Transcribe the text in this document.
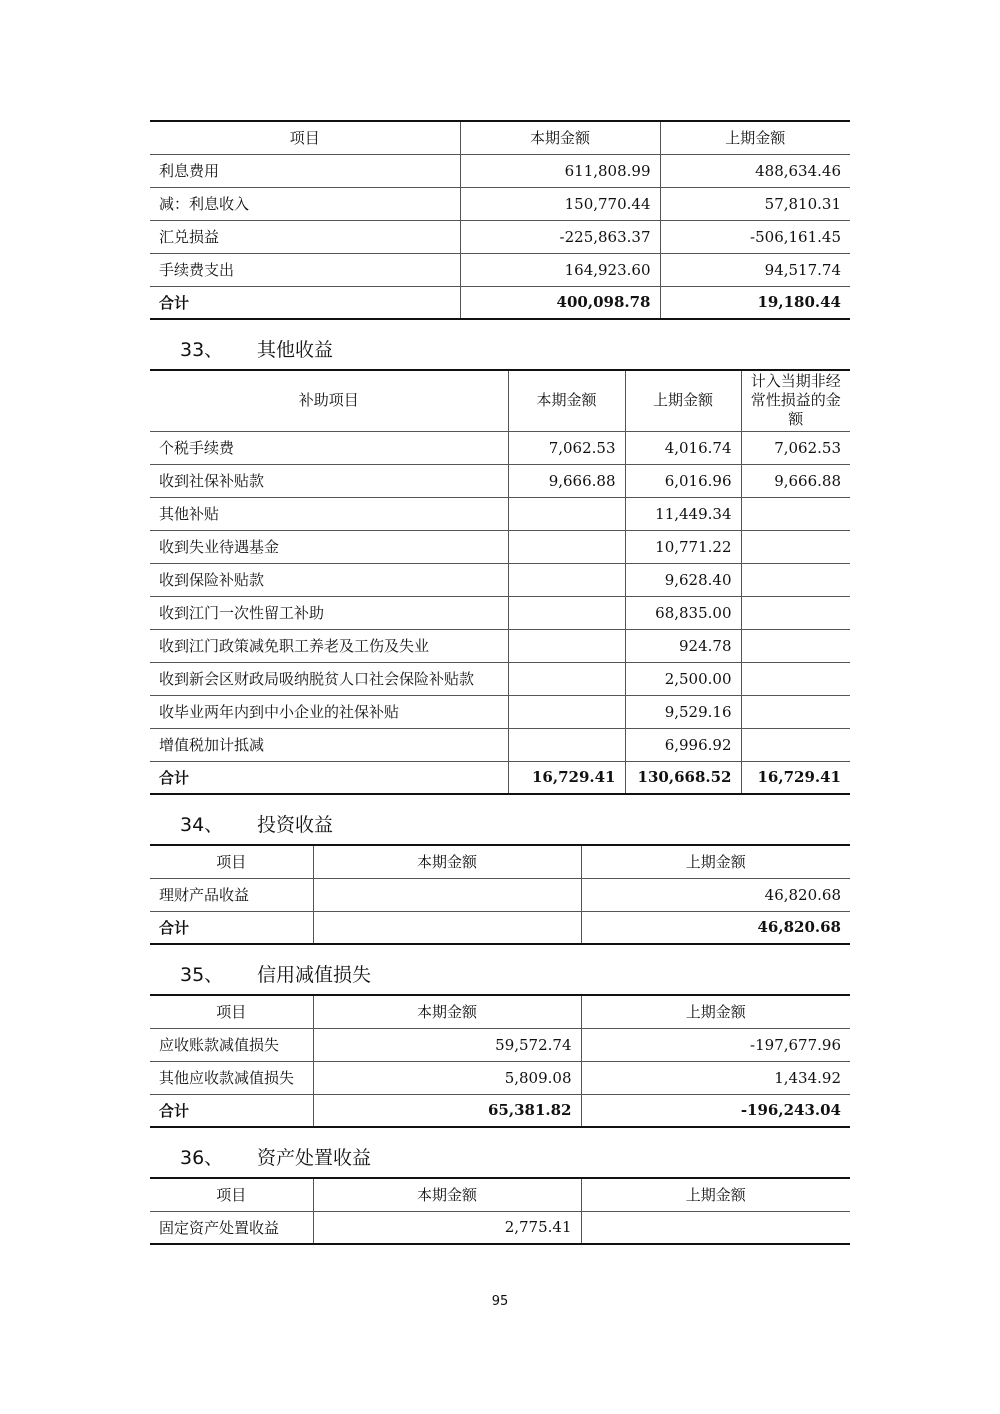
项目	本期金额	上期金额
利息费用	611,808.99	488,634.46
减：利息收入	150,770.44	57,810.31
汇兑损益	-225,863.37	-506,161.45
手续费支出	164,923.60	94,517.74
合计	400,098.78	19,180.44
33、 其他收益
补助项目	本期金额	上期金额	计入当期非经常性损益的金额
个税手续费	7,062.53	4,016.74	7,062.53
收到社保补贴款	9,666.88	6,016.96	9,666.88
其他补贴		11,449.34	
收到失业待遇基金		10,771.22	
收到保险补贴款		9,628.40	
收到江门一次性留工补助		68,835.00	
收到江门政策减免职工养老及工伤及失业		924.78	
收到新会区财政局吸纳脱贫人口社会保险补贴款		2,500.00	
收毕业两年内到中小企业的社保补贴		9,529.16	
增值税加计抵减		6,996.92	
合计	16,729.41	130,668.52	16,729.41
34、 投资收益
项目	本期金额	上期金额
理财产品收益		46,820.68
合计		46,820.68
35、 信用减值损失
项目	本期金额	上期金额
应收账款减值损失	59,572.74	-197,677.96
其他应收款减值损失	5,809.08	1,434.92
合计	65,381.82	-196,243.04
36、 资产处置收益
项目	本期金额	上期金额
固定资产处置收益	2,775.41	
95
